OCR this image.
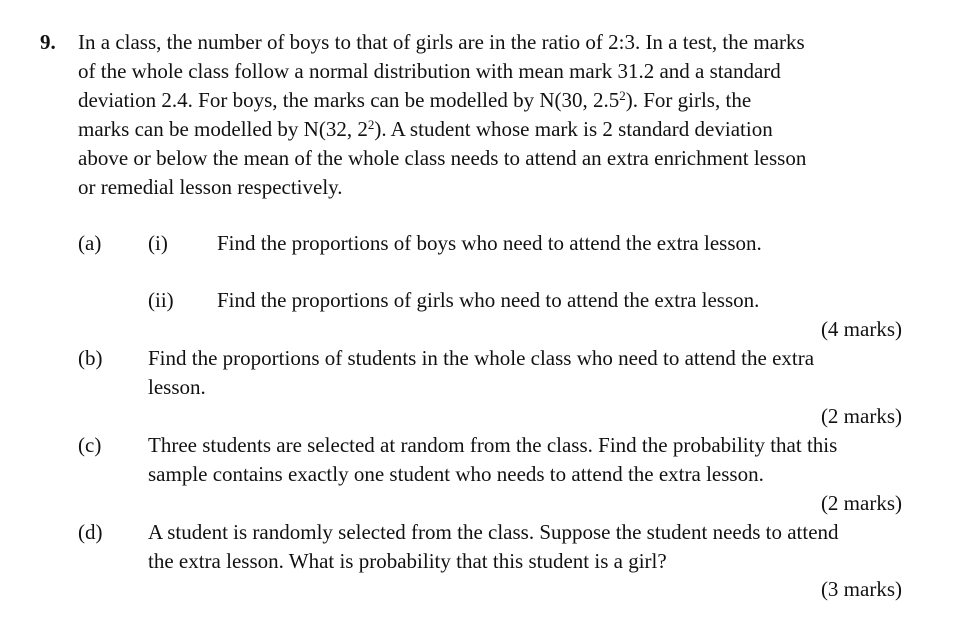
9. In a class, the number of boys to that of girls are in the ratio of 2:3. In a test, the marks
of the whole class follow a normal distribution with mean mark 31.2 and a standard
deviation 2.4. For boys, the marks can be modelled by N(30, $2.5^2$). For girls, the
marks can be modelled by N(32, $2^2$). A student whose mark is 2 standard deviation
above or below the mean of the whole class needs to attend an extra enrichment lesson
or remedial lesson respectively.
(a) (i) Find the proportions of boys who need to attend the extra lesson.
(ii) Find the proportions of girls who need to attend the extra lesson.
(4 marks)
(b) Find the proportions of students in the whole class who need to attend the extra
lesson.
(2 marks)
(c) Three students are selected at random from the class. Find the probability that this
sample contains exactly one student who needs to attend the extra lesson.
(2 marks)
(d) A student is randomly selected from the class. Suppose the student needs to attend
the extra lesson. What is probability that this student is a girl?
(3 marks)
